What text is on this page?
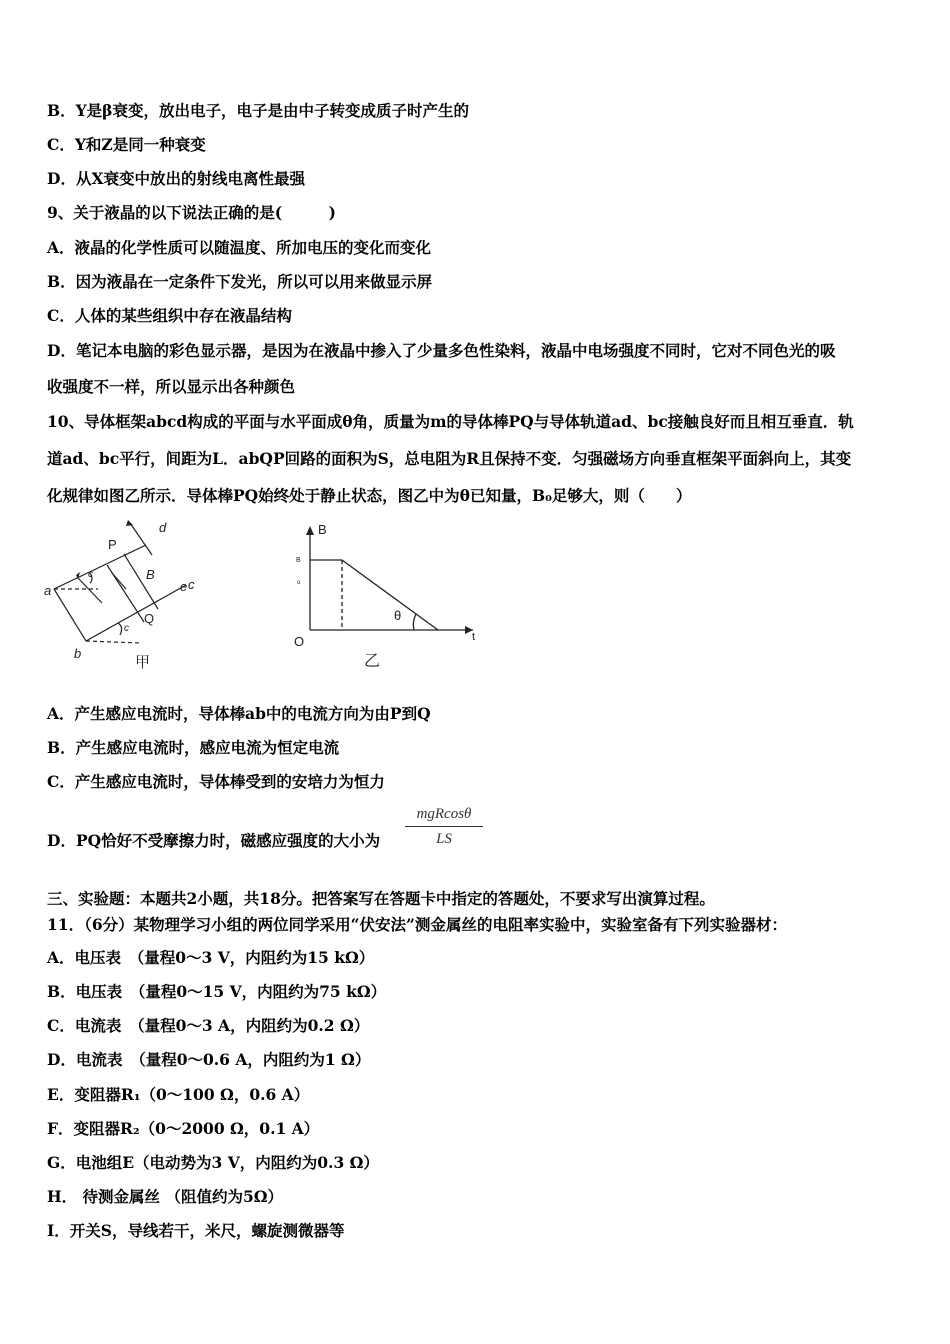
B．Y是β衰变，放出电子，电子是由中子转变成质子时产生的
C．Y和Z是同一种衰变
D．从X衰变中放出的射线电离性最强
9、关于液晶的以下说法正确的是(　　　)
A．液晶的化学性质可以随温度、所加电压的变化而变化
B．因为液晶在一定条件下发光，所以可以用来做显示屏
C．人体的某些组织中存在液晶结构
D．笔记本电脑的彩色显示器，是因为在液晶中掺入了少量多色性染料，液晶中电场强度不同时，它对不同色光的吸
收强度不一样，所以显示出各种颜色
10、导体框架abcd构成的平面与水平面成θ角，质量为m的导体棒PQ与导体轨道ad、bc接触良好而且相互垂直．轨
道ad、bc平行，间距为L．abQP回路的面积为S，总电阻为R且保持不变．匀强磁场方向垂直框架平面斜向上，其变
化规律如图乙所示．导体棒PQ始终处于静止状态，图乙中为θ已知量，B₀足够大，则（　　）
a
b
c
d
e
P
Q
B
c
c
甲
B
t
O
θ
B
o
乙
A．产生感应电流时，导体棒ab中的电流方向为由P到Q
B．产生感应电流时，感应电流为恒定电流
C．产生感应电流时，导体棒受到的安培力为恒力
D．PQ恰好不受摩擦力时，磁感应强度的大小为
mgRcosθ
LS
三、实验题：本题共2小题，共18分。把答案写在答题卡中指定的答题处，不要求写出演算过程。
11．（6分）某物理学习小组的两位同学采用“伏安法”测金属丝的电阻率实验中，实验室备有下列实验器材：
A．电压表　（量程0～3 V，内阻约为15 kΩ）
B．电压表　（量程0～15 V，内阻约为75 kΩ）
C．电流表　（量程0～3 A，内阻约为0.2 Ω）
D．电流表　（量程0～0.6 A，内阻约为1 Ω）
E．变阻器R₁（0～100 Ω，0.6 A）
F．变阻器R₂（0～2000 Ω，0.1 A）
G．电池组E（电动势为3 V，内阻约为0.3 Ω）
H． 待测金属丝 （阻值约为5Ω）
I．开关S，导线若干，米尺，螺旋测微器等
